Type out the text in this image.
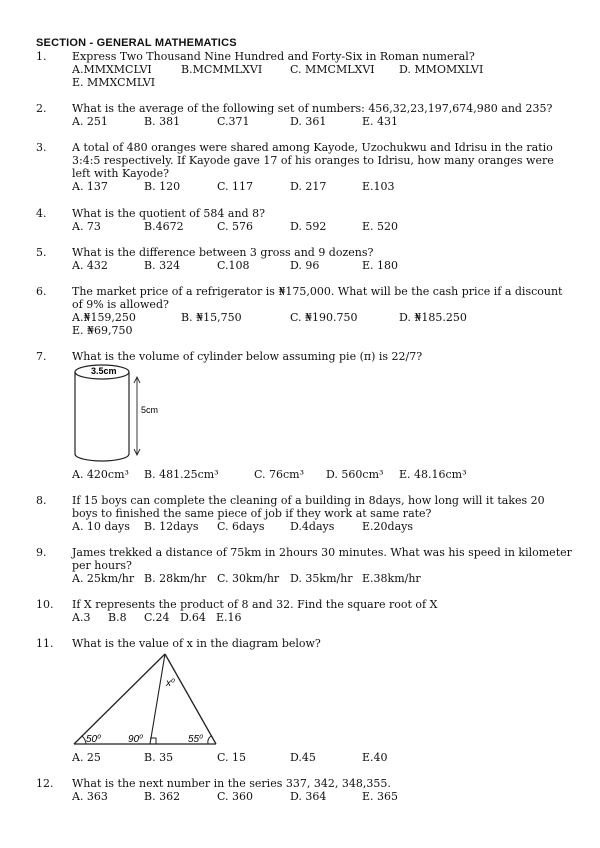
SECTION - GENERAL MATHEMATICS
1.	Express Two Thousand Nine Hundred and Forty-Six in Roman numeral?
A.MMXMCLVI	B.MCMMLXVI	C. MMCMLXVI D. MMOMXLVI
E. MMXCMLVI
2.	What is the average of the following set of numbers: 456,32,23,197,674,980 and 235?
A. 251	B. 381	C.371	D. 361	E. 431
3.	A total of 480 oranges were shared among Kayode, Uzochukwu and Idrisu in the ratio 3:4:5 respectively. If Kayode gave 17 of his oranges to Idrisu, how many oranges were left with Kayode?
A. 137	B. 120	C. 117	D. 217	E.103
4.	What is the quotient of 584 and 8?
A. 73	B.4672	C. 576	D. 592	E. 520
5.	What is the difference between 3 gross and 9 dozens?
A. 432	B. 324	C.108	D. 96	E. 180
6.	The market price of a refrigerator is ₦175,000. What will be the cash price if a discount of 9% is allowed?
A.₦159,250	B. ₦15,750	C. ₦190.750	D. ₦185.250
E. ₦69,750
7.	What is the volume of cylinder below assuming pie (π) is 22/7?
3.5cm
5cm
A. 420cm³ B. 481.25cm³	C. 76cm³ D. 560cm³ E. 48.16cm³
8.	If 15 boys can complete the cleaning of a building in 8days, how long will it takes 20 boys to finished the same piece of job if they work at same rate?
A. 10 days B. 12days C. 6days D.4days	E.20days
9.	James trekked a distance of 75km in 2hours 30 minutes. What was his speed in kilometer per hours?
A. 25km/hr B. 28km/hr C. 30km/hr D. 35km/hr E.38km/hr
10.	If X represents the product of 8 and 32. Find the square root of X
A.3 B.8 C.24 D.64 E.16
11.	What is the value of x in the diagram below?
50⁰	90⁰	55⁰
x⁰
A. 25	B. 35	C. 15	D.45	E.40
12.	What is the next number in the series 337, 342, 348,355.
A. 363	B. 362	C. 360	D. 364	E. 365
